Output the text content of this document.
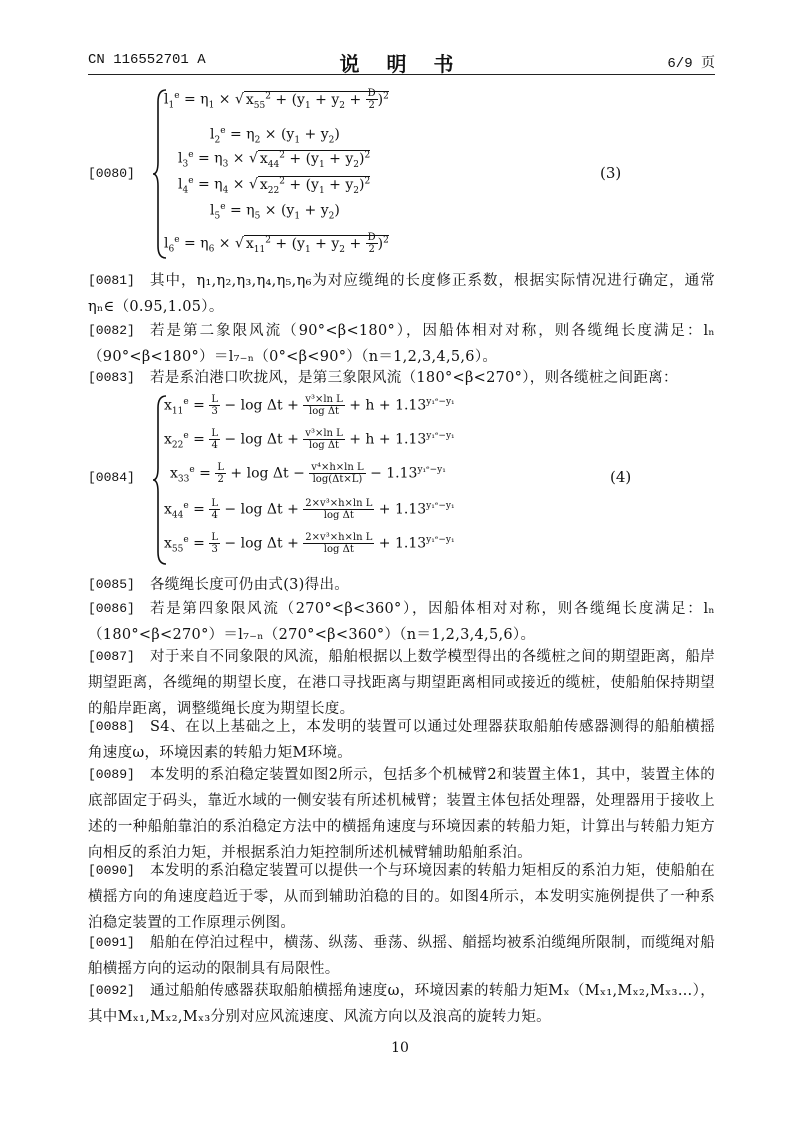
CN 116552701 A	说 明 书	6/9 页
[0080]
$l_1^e = \eta_1$ × √ $x_{55}^2 + (y_1 + y_2 + \frac{D}{2} )^2$
$l_2^e = \eta_2 \times (y_1 + y_2)$
$l_3^e = \eta_3$ × √ $x_{44}^2 + (y_1 + y_2)^2$
$l_4^e = \eta_4$ × √ $x_{22}^2 + (y_1 + y_2)^2$
$l_5^e = \eta_5 \times (y_1 + y_2)$
$l_6^e = \eta_6$ × √ $x_{11}^2 + (y_1 + y_2 + \frac{D}{2} )^2$
(3)
[0081]	其中，η₁,η₂,η₃,η₄,η₅,η₆为对应缆绳的长度修正系数，根据实际情况进行确定，通常ηₙ∈（0.95,1.05）。
[0082]	若是第二象限风流（90°<β<180°），因船体相对对称，则各缆绳长度满足：lₙ（90°<β<180°）＝l₇₋ₙ（0°<β<90°）（n＝1,2,3,4,5,6）。
[0083]	若是系泊港口吹拢风，是第三象限风流（180°<β<270°），则各缆桩之间距离：
[0084]
$x_{11}^e = \frac{L}{3} - \log \Delta t + \frac{\text{v³×ln L}}{\text{log Δt}} + h + 1.13^{y_1ᵉ-y_1}$
$x_{22}^e = \frac{L}{4} - \log \Delta t + \frac{\text{v³×ln L}}{\text{log Δt}} + h + 1.13^{y_1ᵉ-y_1}$
$x_{33}^e = \frac{L}{2} + \log \Delta t - \frac{\text{v⁴×h×ln L}}{\log(\Delta t\times L)} - 1.13^{y_1ᵉ-y_1}$
$x_{44}^e = \frac{L}{4} - \log \Delta t + \frac{\text{2×v³×h×ln L}}{\text{log Δt}} + 1.13^{y_1ᵉ-y_1}$
$x_{55}^e = \frac{L}{3} - \log \Delta t + \frac{\text{2×v³×h×ln L}}{\text{log Δt}} + 1.13^{y_1ᵉ-y_1}$
(4)
[0085]	各缆绳长度可仍由式(3)得出。
[0086]	若是第四象限风流（270°<β<360°），因船体相对对称，则各缆绳长度满足：lₙ（180°<β<270°）＝l₇₋ₙ（270°<β<360°）（n＝1,2,3,4,5,6）。
[0087]	对于来自不同象限的风流，船舶根据以上数学模型得出的各缆桩之间的期望距离，船岸期望距离，各缆绳的期望长度，在港口寻找距离与期望距离相同或接近的缆桩，使船舶保持期望的船岸距离，调整缆绳长度为期望长度。
[0088]	S4、在以上基础之上，本发明的装置可以通过处理器获取船舶传感器测得的船舶横摇角速度ω，环境因素的转船力矩M环境。
[0089]	本发明的系泊稳定装置如图2所示，包括多个机械臂2和装置主体1，其中，装置主体的底部固定于码头，靠近水域的一侧安装有所述机械臂；装置主体包括处理器，处理器用于接收上述的一种船舶靠泊的系泊稳定方法中的横摇角速度与环境因素的转船力矩，计算出与转船力矩方向相反的系泊力矩，并根据系泊力矩控制所述机械臂辅助船舶系泊。
[0090]	本发明的系泊稳定装置可以提供一个与环境因素的转船力矩相反的系泊力矩，使船舶在横摇方向的角速度趋近于零，从而到辅助泊稳的目的。如图4所示，本发明实施例提供了一种系泊稳定装置的工作原理示例图。
[0091]	船舶在停泊过程中，横荡、纵荡、垂荡、纵摇、艏摇均被系泊缆绳所限制，而缆绳对船舶横摇方向的运动的限制具有局限性。
[0092]	通过船舶传感器获取船舶横摇角速度ω，环境因素的转船力矩Mₓ（Mₓ₁,Mₓ₂,Mₓ₃…），其中Mₓ₁,Mₓ₂,Mₓ₃分别对应风流速度、风流方向以及浪高的旋转力矩。
10
